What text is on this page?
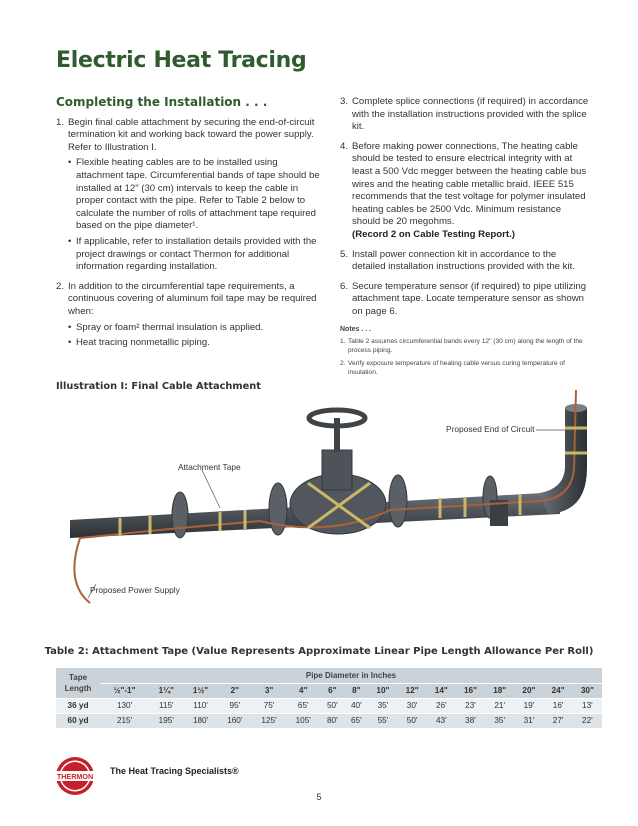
Electric Heat Tracing
Completing the Installation . . .
1. Begin final cable attachment by securing the end-of-circuit termination kit and working back toward the power supply. Refer to Illustration I.
• Flexible heating cables are to be installed using attachment tape. Circumferential bands of tape should be installed at 12" (30 cm) intervals to keep the cable in proper contact with the pipe. Refer to Table 2 below to calculate the number of rolls of attachment tape required based on the pipe diameter¹.
• If applicable, refer to installation details provided with the project drawings or contact Thermon for additional information regarding installation.
2. In addition to the circumferential tape requirements, a continuous covering of aluminum foil tape may be required when:
• Spray or foam² thermal insulation is applied.
• Heat tracing nonmetallic piping.
3. Complete splice connections (if required) in accordance with the installation instructions provided with the splice kit.
4. Before making power connections, The heating cable should be tested to ensure electrical integrity with at least a 500 Vdc megger between the heating cable bus wires and the heating cable metallic braid. IEEE 515 recommends that the test voltage for polymer insulated heating cables be 2500 Vdc. Minimum resistance should be 20 megohms.
(Record 2 on Cable Testing Report.)
5. Install power connection kit in accordance to the detailed installation instructions provided with the kit.
6. Secure temperature sensor (if required) to pipe utilizing attachment tape. Locate temperature sensor as shown on page 6.
Notes . . .
1. Table 2 assumes circumferential bands every 12" (30 cm) along the length of the process piping.
2. Verify exposure temperature of heating cable versus curing temperature of insulation.
Illustration I: Final Cable Attachment
Proposed End of Circuit
Attachment Tape
Proposed Power Supply
Table 2: Attachment Tape (Value Represents Approximate Linear Pipe Length Allowance Per Roll)
Tape
Length	Pipe Diameter in Inches															
	½"-1"	1¼"	1½"	2"	3"	4"	6"	8"	10"	12"	14"	16"	18"	20"	24"	30"
36 yd	130'	115'	110'	95'	75'	65'	50'	40'	35'	30'	26'	23'	21'	19'	16'	13'
60 yd	215'	195'	180'	160'	125'	105'	80'	65'	55'	50'	43'	38'	35'	31'	27'	22'
THERMON
The Heat Tracing Specialists®
5
